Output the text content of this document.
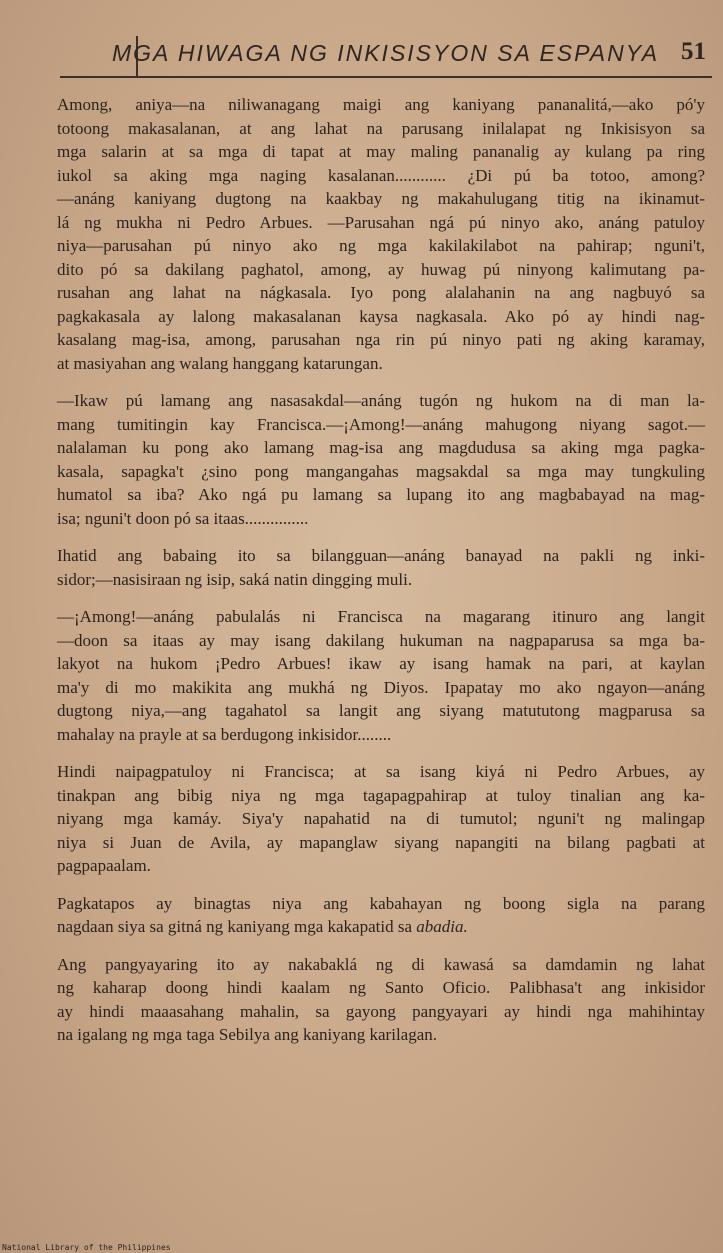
MGA HIWAGA NG INKISISYON SA ESPANYA 51

Among, aniya—na niliwanagang maigi ang kaniyang pananalitá,—ako pó'y
totoong makasalanan, at ang lahat na parusang inilalapat ng Inkisisyon sa
mga salarin at sa mga di tapat at may maling pananalig ay kulang pa ring
iukol sa aking mga naging kasalanan............ ¿Di pú ba totoo, among?
—anáng kaniyang dugtong na kaakbay ng makahulugang titig na ikinamut-
lá ng mukha ni Pedro Arbues. —Parusahan ngá pú ninyo ako, anáng patuloy
niya—parusahan pú ninyo ako ng mga kakilakilabot na pahirap; nguni't,
dito pó sa dakilang paghatol, among, ay huwag pú ninyong kalimutang pa-
rusahan ang lahat na nágkasala. Iyo pong alalahanin na ang nagbuyó sa
pagkakasala ay lalong makasalanan kaysa nagkasala. Ako pó ay hindi nag-
kasalang mag-isa, among, parusahan nga rin pú ninyo pati ng aking karamay,
at masiyahan ang walang hanggang katarungan.

—Ikaw pú lamang ang nasasakdal—anáng tugón ng hukom na di man la-
mang tumitingin kay Francisca.—¡Among!—anáng mahugong niyang sagot.—
nalalaman ku pong ako lamang mag-isa ang magdudusa sa aking mga pagka-
kasala, sapagka't ¿sino pong mangangahas magsakdal sa mga may tungkuling
humatol sa iba? Ako ngá pu lamang sa lupang ito ang magbabayad na mag-
isa; nguni't doon pó sa itaas...............

Ihatid ang babaing ito sa bilangguan—anáng banayad na pakli ng inki-
sidor;—nasisiraan ng isip, saká natin dingging muli.

—¡Among!—anáng pabulalás ni Francisca na magarang itinuro ang langit
—doon sa itaas ay may isang dakilang hukuman na nagpaparusa sa mga ba-
lakyot na hukom ¡Pedro Arbues! ikaw ay isang hamak na pari, at kaylan
ma'y di mo makikita ang mukhá ng Diyos. Ipapatay mo ako ngayon—anáng
dugtong niya,—ang tagahatol sa langit ang siyang matututong magparusa sa
mahalay na prayle at sa berdugong inkisidor........

Hindi naipagpatuloy ni Francisca; at sa isang kiyá ni Pedro Arbues, ay
tinakpan ang bibig niya ng mga tagapagpahirap at tuloy tinalian ang ka-
niyang mga kamáy. Siya'y napahatid na di tumutol; nguni't ng malingap
niya si Juan de Avila, ay mapanglaw siyang napangiti na bilang pagbati at
pagpapaalam.

Pagkatapos ay binagtas niya ang kabahayan ng boong sigla na parang
nagdaan siya sa gitná ng kaniyang mga kakapatid sa abadia.

Ang pangyayaring ito ay nakabaklá ng di kawasá sa damdamin ng lahat
ng kaharap doong hindi kaalam ng Santo Oficio. Palibhasa't ang inkisidor
ay hindi maaasahang mahalin, sa gayong pangyayari ay hindi nga mahihintay
na igalang ng mga taga Sebilya ang kaniyang karilagan.

National Library of the Philippines
